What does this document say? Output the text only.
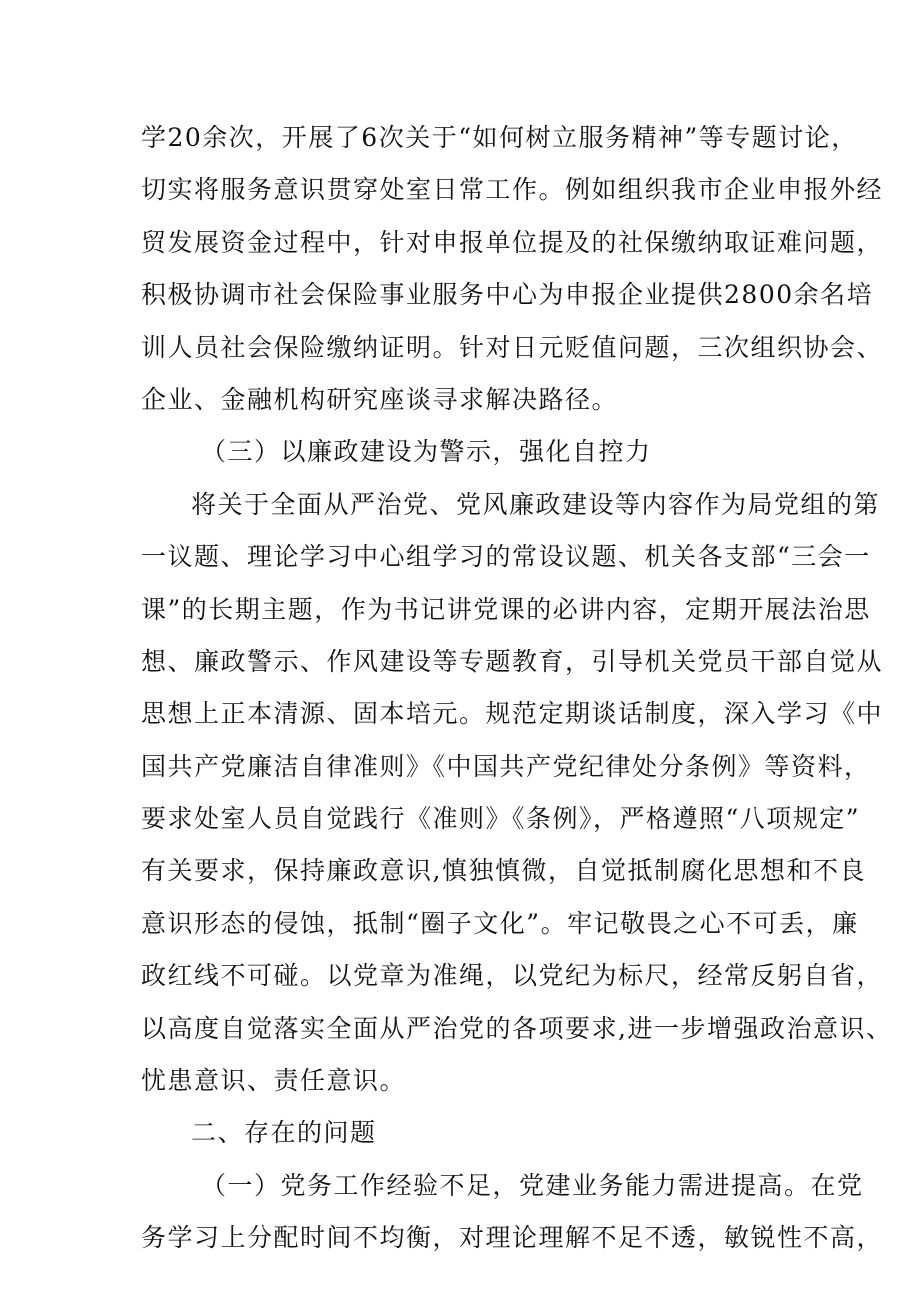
学20余次，开展了6次关于“如何树立服务精神”等专题讨论，
切实将服务意识贯穿处室日常工作。例如组织我市企业申报外经
贸发展资金过程中，针对申报单位提及的社保缴纳取证难问题，
积极协调市社会保险事业服务中心为申报企业提供2800余名培
训人员社会保险缴纳证明。针对日元贬值问题，三次组织协会、
企业、金融机构研究座谈寻求解决路径。
（三）以廉政建设为警示，强化自控力
将关于全面从严治党、党风廉政建设等内容作为局党组的第
一议题、理论学习中心组学习的常设议题、机关各支部“三会一
课”的长期主题，作为书记讲党课的必讲内容，定期开展法治思
想、廉政警示、作风建设等专题教育，引导机关党员干部自觉从
思想上正本清源、固本培元。规范定期谈话制度，深入学习《中
国共产党廉洁自律准则》《中国共产党纪律处分条例》等资料，
要求处室人员自觉践行《准则》《条例》，严格遵照“八项规定”
有关要求，保持廉政意识,慎独慎微，自觉抵制腐化思想和不良
意识形态的侵蚀，抵制“圈子文化”。牢记敬畏之心不可丢，廉
政红线不可碰。以党章为准绳，以党纪为标尺，经常反躬自省，
以高度自觉落实全面从严治党的各项要求,进一步增强政治意识、
忧患意识、责任意识。
二、存在的问题
（一）党务工作经验不足，党建业务能力需进提高。在党
务学习上分配时间不均衡，对理论理解不足不透，敏锐性不高，
